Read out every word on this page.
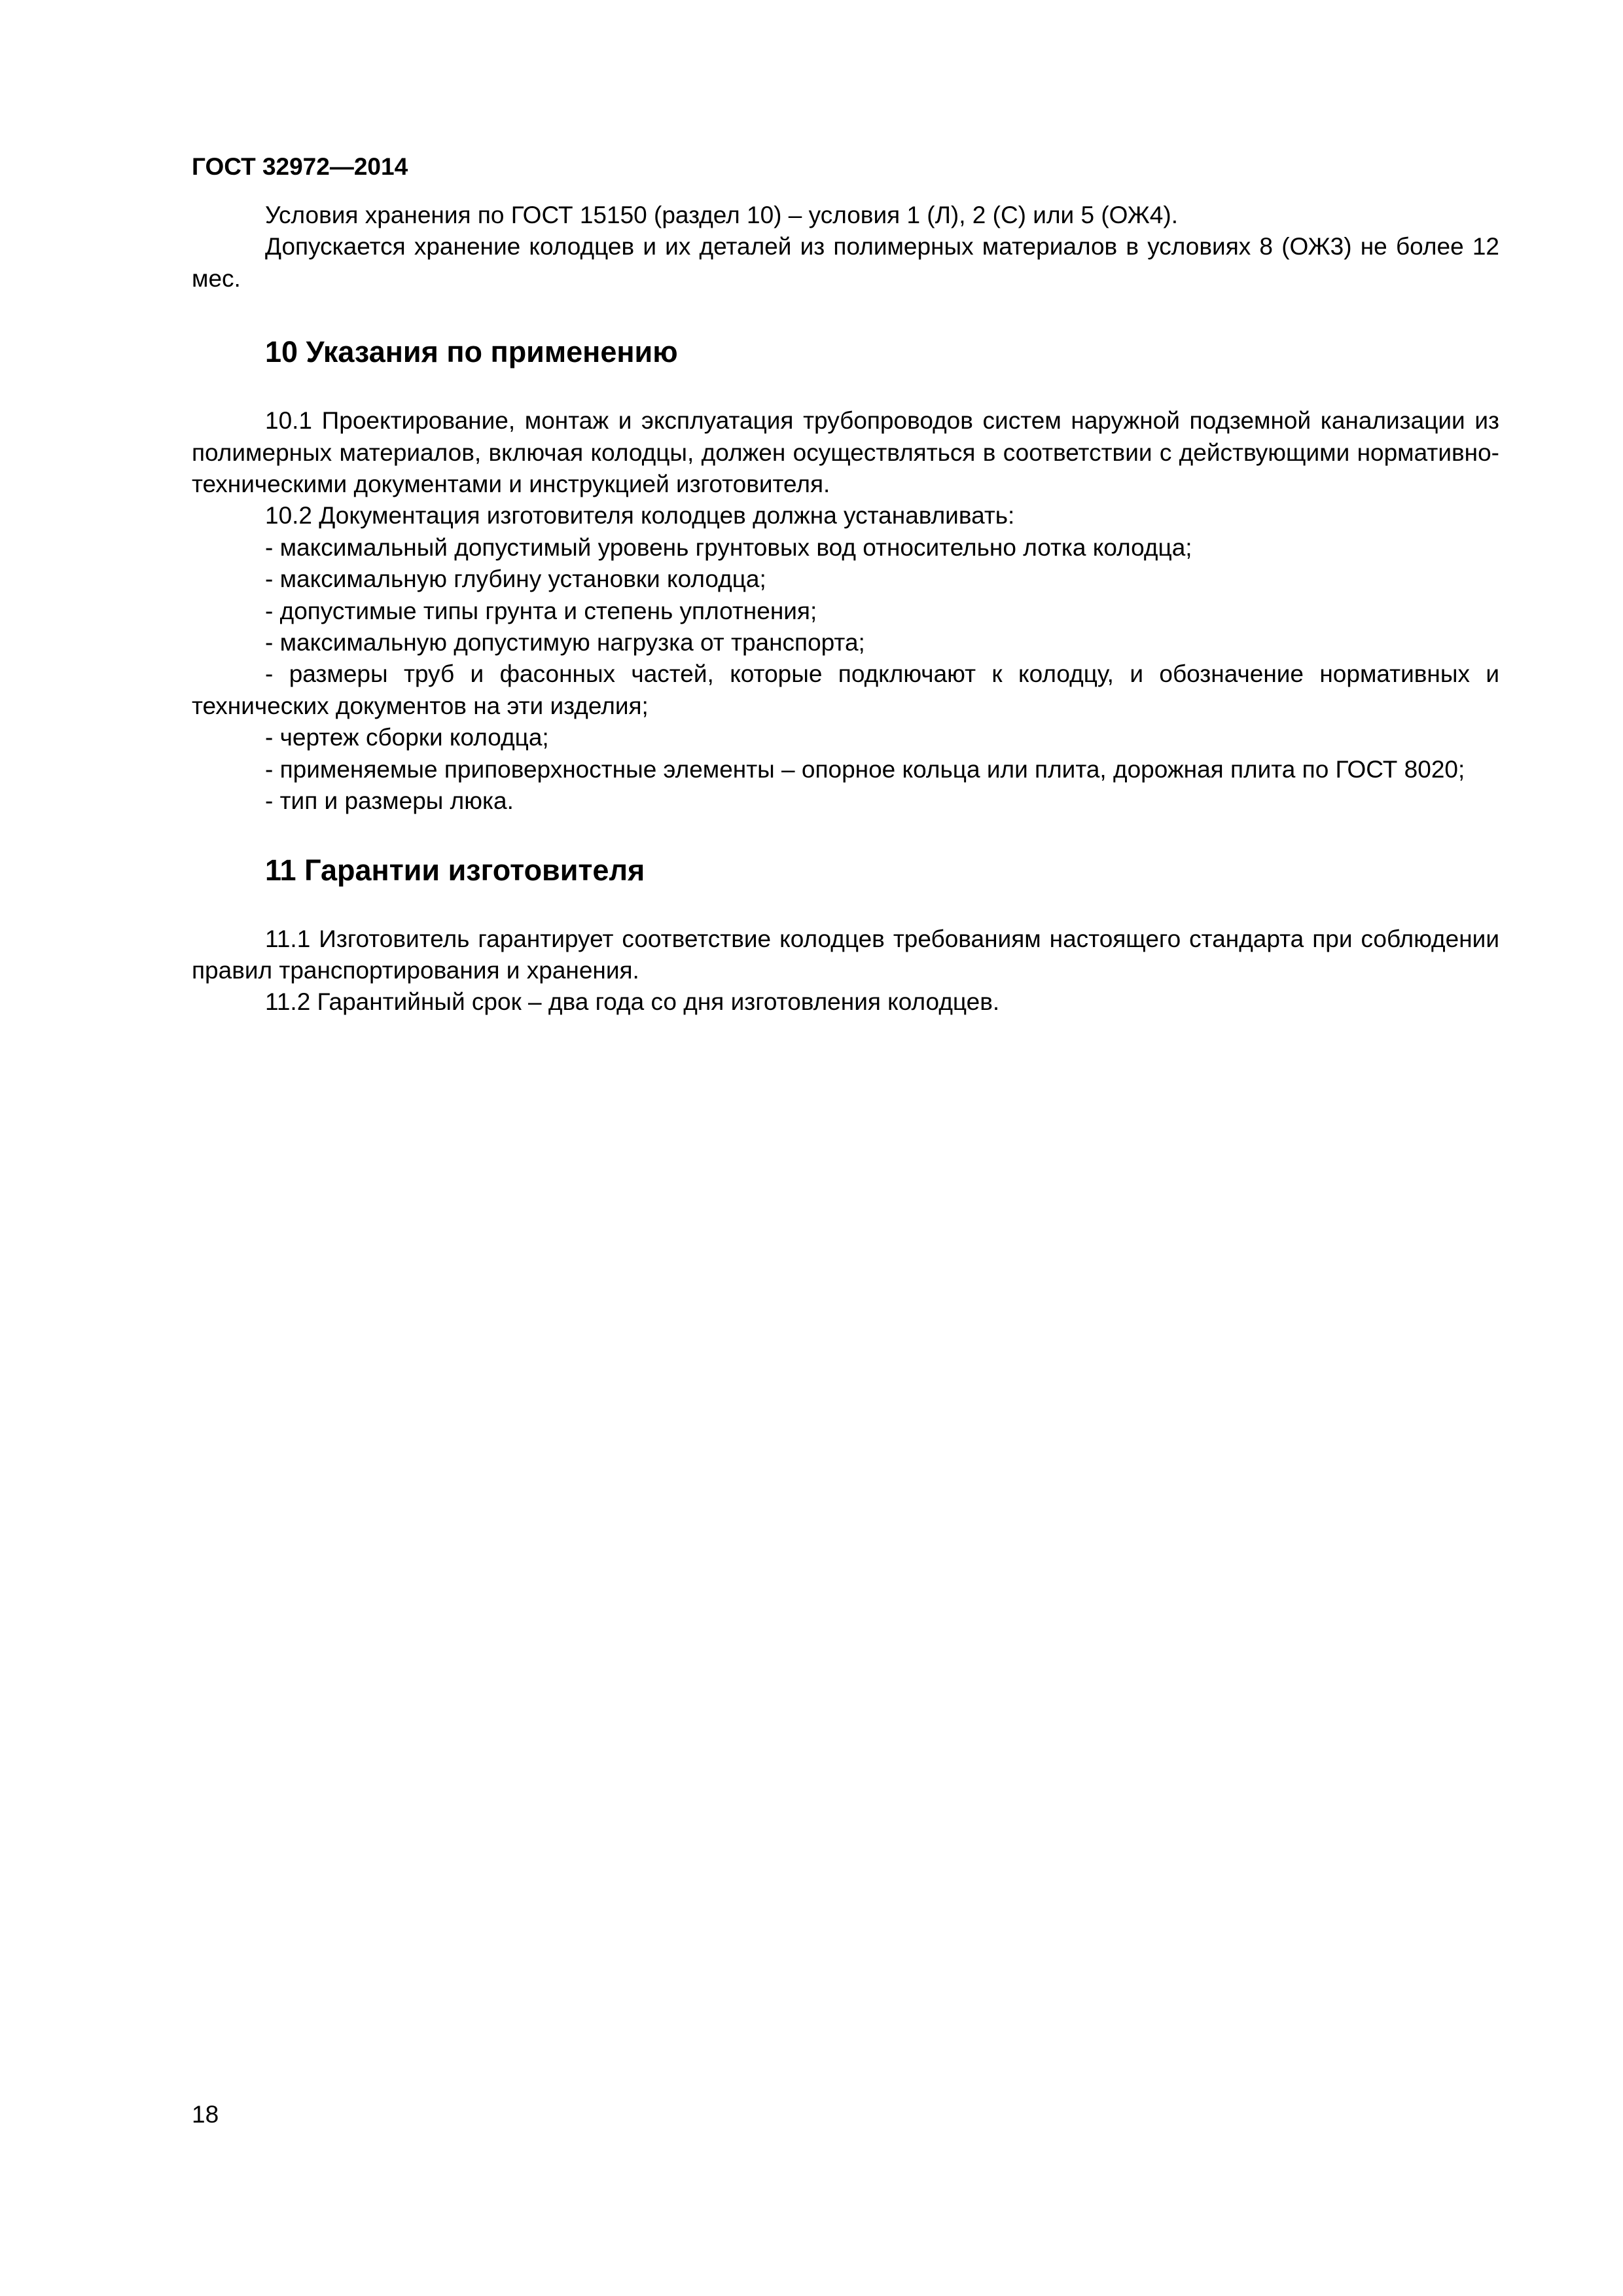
ГОСТ 32972—2014

Условия хранения по ГОСТ 15150 (раздел 10) – условия 1 (Л), 2 (С) или 5 (ОЖ4).

Допускается хранение колодцев и их деталей из полимерных материалов в условиях 8 (ОЖ3) не более 12 мес.

10 Указания по применению

10.1 Проектирование, монтаж и эксплуатация трубопроводов систем наружной подземной канализации из полимерных материалов, включая колодцы, должен осуществляться в соответствии с действующими нормативно-техническими документами и инструкцией изготовителя.

10.2 Документация изготовителя колодцев должна устанавливать:

- максимальный допустимый уровень грунтовых вод относительно лотка колодца;

- максимальную глубину установки колодца;

- допустимые типы грунта и степень уплотнения;

- максимальную допустимую нагрузка от транспорта;

- размеры труб и фасонных частей, которые подключают к колодцу, и обозначение нормативных и технических документов на эти изделия;

- чертеж сборки колодца;

- применяемые приповерхностные элементы – опорное кольца или плита, дорожная плита по ГОСТ 8020;

- тип и размеры люка.

11 Гарантии изготовителя

11.1 Изготовитель гарантирует соответствие колодцев требованиям настоящего стандарта при соблюдении правил транспортирования и хранения.

11.2 Гарантийный срок – два года со дня изготовления колодцев.

18
